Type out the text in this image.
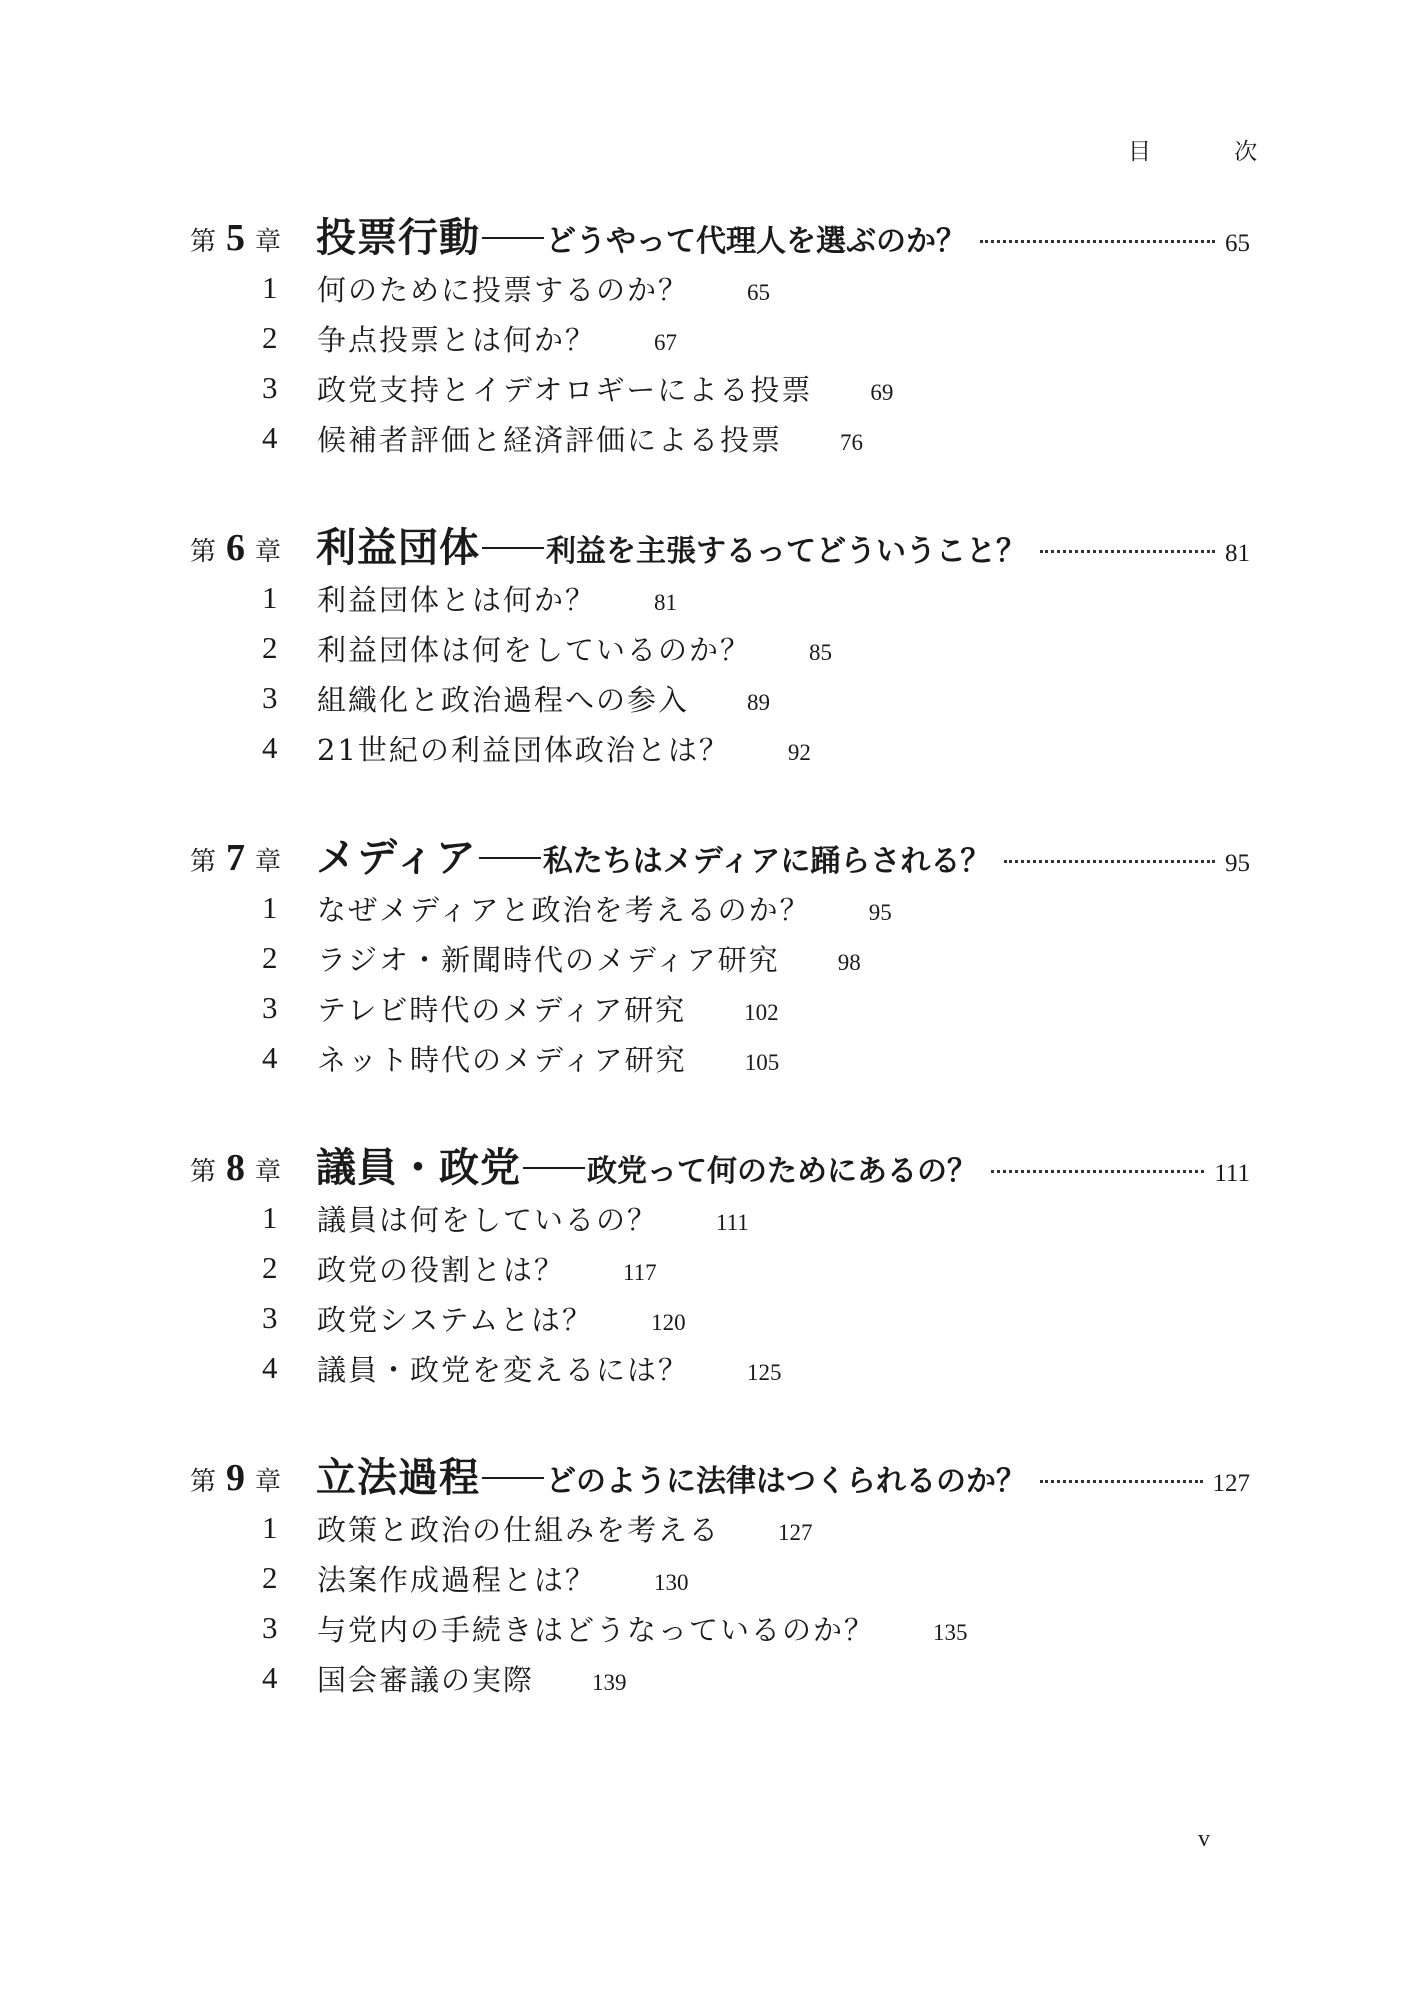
目 次
第 5 章 投票行動 どうやって代理人を選ぶのか？	65
1 何のために投票するのか？	65
2 争点投票とは何か？	67
3 政党支持とイデオロギーによる投票	69
4 候補者評価と経済評価による投票	76
第 6 章 利益団体 利益を主張するってどういうこと？	81
1 利益団体とは何か？	81
2 利益団体は何をしているのか？	85
3 組織化と政治過程への参入	89
4 21世紀の利益団体政治とは？	92
第 7 章 メディア 私たちはメディアに踊らされる？	95
1 なぜメディアと政治を考えるのか？	95
2 ラジオ・新聞時代のメディア研究	98
3 テレビ時代のメディア研究	102
4 ネット時代のメディア研究	105
第 8 章 議員・政党 政党って何のためにあるの？	111
1 議員は何をしているの？	111
2 政党の役割とは？	117
3 政党システムとは？	120
4 議員・政党を変えるには？	125
第 9 章 立法過程 どのように法律はつくられるのか？	127
1 政策と政治の仕組みを考える	127
2 法案作成過程とは？	130
3 与党内の手続きはどうなっているのか？	135
4 国会審議の実際	139
v
